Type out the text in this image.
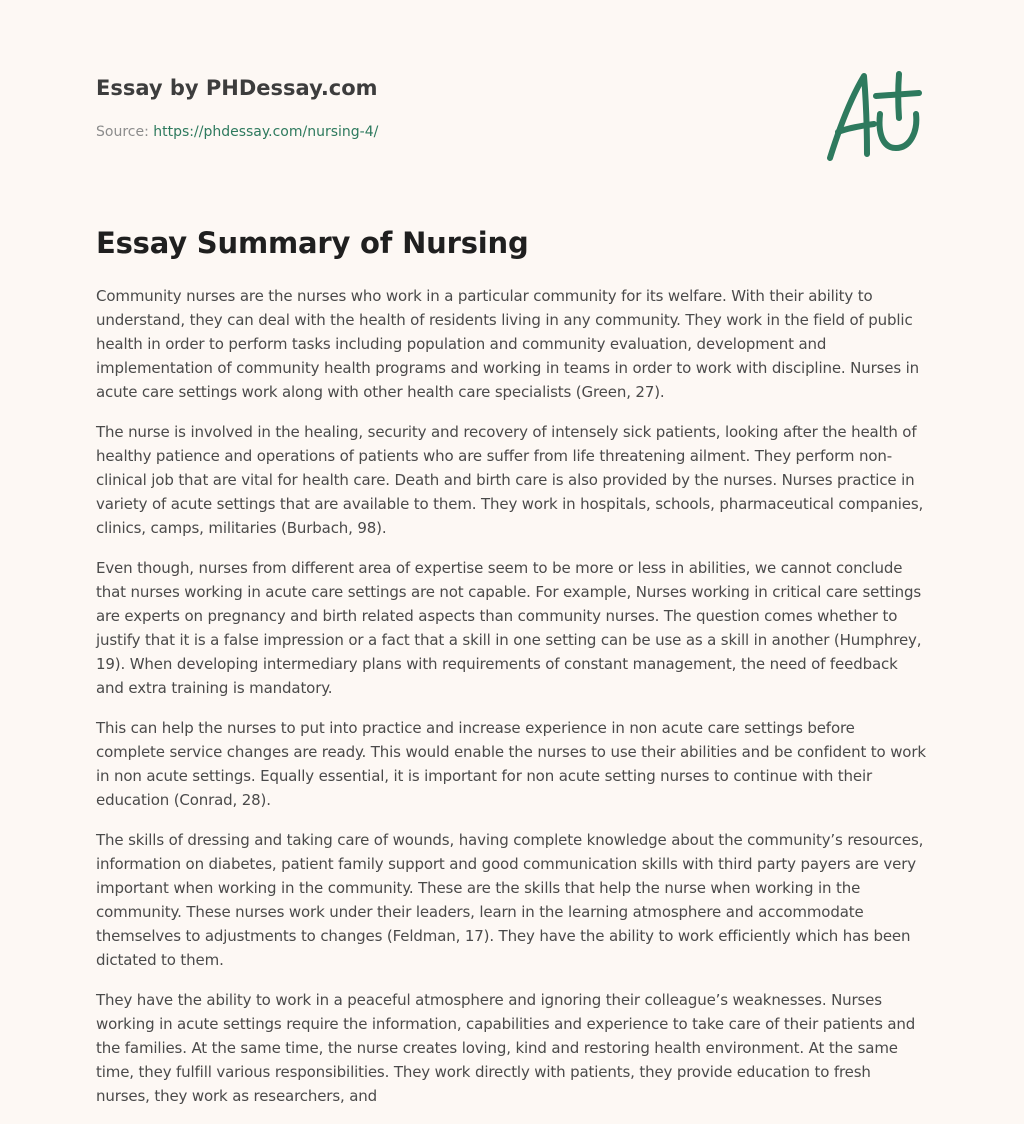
Essay by PHDessay.com
Source: https://phdessay.com/nursing-4/
Essay Summary of Nursing

Community nurses are the nurses who work in a particular community for its welfare. With their ability to understand, they can deal with the health of residents living in any community. They work in the field of public health in order to perform tasks including population and community evaluation, development and implementation of community health programs and working in teams in order to work with discipline. Nurses in acute care settings work along with other health care specialists (Green, 27).

The nurse is involved in the healing, security and recovery of intensely sick patients, looking after the health of healthy patience and operations of patients who are suffer from life threatening ailment. They perform non-clinical job that are vital for health care. Death and birth care is also provided by the nurses. Nurses practice in variety of acute settings that are available to them. They work in hospitals, schools, pharmaceutical companies, clinics, camps, militaries (Burbach, 98).

Even though, nurses from different area of expertise seem to be more or less in abilities, we cannot conclude that nurses working in acute care settings are not capable. For example, Nurses working in critical care settings are experts on pregnancy and birth related aspects than community nurses. The question comes whether to justify that it is a false impression or a fact that a skill in one setting can be use as a skill in another (Humphrey, 19). When developing intermediary plans with requirements of constant management, the need of feedback and extra training is mandatory.

This can help the nurses to put into practice and increase experience in non acute care settings before complete service changes are ready. This would enable the nurses to use their abilities and be confident to work in non acute settings. Equally essential, it is important for non acute setting nurses to continue with their education (Conrad, 28).

The skills of dressing and taking care of wounds, having complete knowledge about the community’s resources, information on diabetes, patient family support and good communication skills with third party payers are very important when working in the community. These are the skills that help the nurse when working in the community. These nurses work under their leaders, learn in the learning atmosphere and accommodate themselves to adjustments to changes (Feldman, 17). They have the ability to work efficiently which has been dictated to them.

They have the ability to work in a peaceful atmosphere and ignoring their colleague’s weaknesses. Nurses working in acute settings require the information, capabilities and experience to take care of their patients and the families. At the same time, the nurse creates loving, kind and restoring health environment. At the same time, they fulfill various responsibilities. They work directly with patients, they provide education to fresh nurses, they work as researchers, and
